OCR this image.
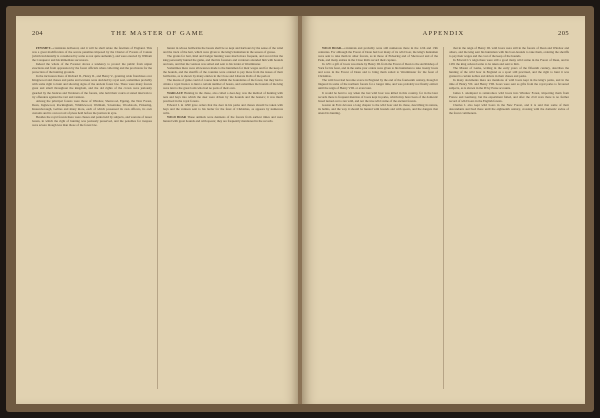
204	THE MASTER OF GAME

FEWMET—continued delivered, and it will be shall relate the fewmets of England. This was a great modification of the severe penalties imposed by the Charter of Forests of Canute (which incidentally is considered by some as not quite authentic), and were enacted by William the Conqueror and his immediate successors.

Indeed the whole of the Forester shows a tendency to protect the public from unjust exactions and from oppression by the forest officials when collecting and the provisions for the protection of the hunting grounds.

In the inclosures there of Richard II., Henry II., and Henry V., granting wide franchises over Kingswood and chases and parks and warrens were decided by royal seal, sometimes probably with some right to hunt and showing signs of the ancient forest law. There were many forests great and small throughout the kingdom, and the old rights of the crown were jealously guarded by the Justices and Verderers of the forests, who held their courts at stated intervals to try offenders against the vert and venison.

Among the principal forests were those of Windsor, Sherwood, Epping, the New Forest, Dean, Inglewood, Rockingham, Whittlewood, Waltham, Savernake, Woodstock, Pickering, Knaresborough, Galtres and many more, each of which possessed its own officers, its own customs and its own record of pleas held before the justices in eyre.

Besides the royal forests there were chases and parks held by subjects, and warrens of lesser beasts, in which the right of hunting was jealously preserved, and the penalties for trespass were severe though less than those of the forest law.

hunter in whose bailiwicks the beasts shall be so kept and harbours by the sense of the wind and the track of the hart, which were given to the king's huntsmen in the season of grease.

The grants for hart, hind and badger hunting were much more frequent, and record that the king personally hunted the game, and that his foresters and verderers attended him with hounds and nets, and that the venison was salted and sent to his larder at Westminster.

Sometimes there were allowances made to the huntsmen for their wages and for the keep of the hounds, and the sheriffs of the counties were ordered to pay these from the issues of their bailiwicks, as is shown by many entries in the Close and Liberate Rolls of the period.

The means of game could of course hunt within the boundaries of the forest, but they had to obtain a royal licence to hunt a certain number of beasts, and sometimes the hounds of the king were lent to the great lords who had no pack of their own.

WARLACE Hunting in the chase, also called a deer-hay, was the method of hunting with nets and hays into which the deer were driven by the hounds and the beaters; it was much practised in the royal forests.

Edward I. in 1290 gave orders that the deer in his parks and chases should be taken with hays and the venison sent to his larder for the feast of Christmas, as appears by numerous writs.

WILD BOAR These animals were denizens of the forests from earliest times and were hunted with great hounds and with spears; they are frequently mentioned in the records.

APPENDIX	205

WILD BOAR—continued and probably were still numerous there in the 12th and 13th centuries. For although the Forest of Dean had lost many of its wild boar, the king's huntsmen were sent to take them in other forests, as in those of Pickering and of Sherwood and of the Peak, and many entries in the Close Rolls record their capture.

In 1251 a gift of boars was made by Henry III. from the Forest of Dean to the Archbishop of York for his feast, and in the same year orders were given to his huntsmen to take twenty boars and sows in the Forest of Dean and to bring them salted to Westminster for the feast of Christmas.

The wild boar had become scarce in England by the end of the fourteenth century, though it lingered in some of the northern forests for a longer time, and was probably not finally extinct until the reign of Henry VIII. or even later.

It would be hard to say when the last wild boar was killed in this country, for in the later records there is frequent mention of boars kept in parks, which may have been of the domestic breed turned out to run wild, and not the true wild swine of the ancient forests.

Gaston de Foix devotes a long chapter to the wild boar and its chase, describing its nature, its habits, and the way it should be hunted with hounds and with spears, and the dangers that attend its hunting.

that in the reign of Henry III. wild boars were still in the forests of Dean and Windsor and others, and the king sent his huntsmen with his boar-hounds to take them, ordering the sheriffs to pay their wages and the cost of the keep of the hounds.

In Edward I.'s reign there were still a good many wild swine in the Forest of Dean, and in 1281 the king ordered some to be taken and sent to him.

The Master of Game, writing in the early years of the fifteenth century, describes the hunting of the wild boar in England as a sport still practised, and the right to hunt it was granted to certain nobles and abbots in their chases and parks.

In many documents there are mentions of wild boars kept in the king's parks, and in the time of Henry VII. and Henry VIII. boars were sent as gifts from the royal parks to favoured subjects, as is shown in the Privy Purse accounts.

James I. attempted to reintroduce wild boars into Windsor Forest, importing them from France and Germany, but the experiment failed, and after the civil wars there is no further record of wild boars in the English forests.

Charles I. also kept wild boars in the New Forest, and it is said that some of their descendants survived there until the eighteenth century, crossing with the domestic swine of the forest commoners.
